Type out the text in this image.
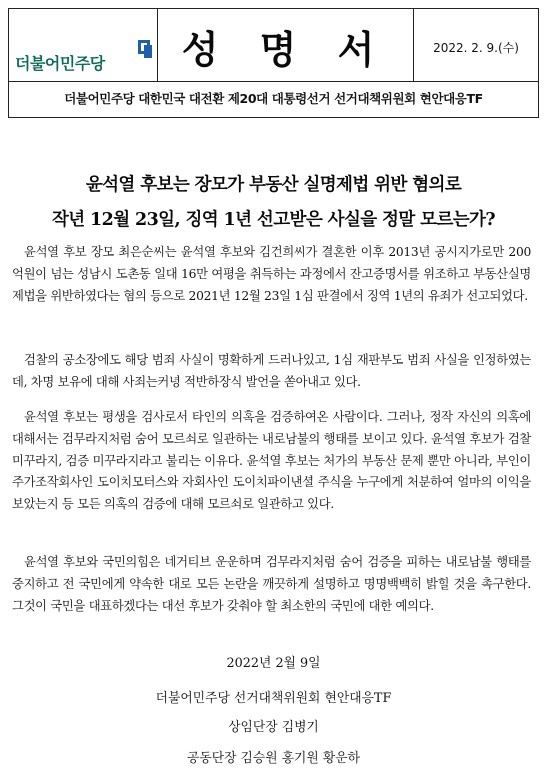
더불어민주당	성 명 서	2022. 2. 9.(수)
더불어민주당 대한민국 대전환 제20대 대통령선거 선거대책위원회 현안대응TF
윤석열 후보는 장모가 부동산 실명제법 위반 혐의로
작년 12월 23일, 징역 1년 선고받은 사실을 정말 모르는가?

윤석열 후보 장모 최은순씨는 윤석열 후보와 김건희씨가 결혼한 이후 2013년 공시지가로만 200억원이 넘는 성남시 도촌동 일대 16만 여평을 취득하는 과정에서 잔고증명서를 위조하고 부동산실명제법을 위반하였다는 혐의 등으로 2021년 12월 23일 1심 판결에서 징역 1년의 유죄가 선고되었다.

검찰의 공소장에도 해당 범죄 사실이 명확하게 드러나있고, 1심 재판부도 범죄 사실을 인정하였는데, 차명 보유에 대해 사죄는커녕 적반하장식 발언을 쏟아내고 있다.

윤석열 후보는 평생을 검사로서 타인의 의혹을 검증하여온 사람이다. 그러나, 정작 자신의 의혹에 대해서는 검무라지처럼 숨어 모르쇠로 일관하는 내로남불의 행태를 보이고 있다. 윤석열 후보가 검찰 미꾸라지, 검증 미꾸라지라고 불리는 이유다. 윤석열 후보는 처가의 부동산 문제 뿐만 아니라, 부인이 주가조작회사인 도이치모터스와 자회사인 도이치파이낸셜 주식을 누구에게 처분하여 얼마의 이익을 보았는지 등 모든 의혹의 검증에 대해 모르쇠로 일관하고 있다.

윤석열 후보와 국민의힘은 네거티브 운운하며 검무라지처럼 숨어 검증을 피하는 내로남불 행태를 중지하고 전 국민에게 약속한 대로 모든 논란을 깨끗하게 설명하고 명명백백히 밝힐 것을 촉구한다. 그것이 국민을 대표하겠다는 대선 후보가 갖춰야 할 최소한의 국민에 대한 예의다.

2022년 2월 9일
더불어민주당 선거대책위원회 현안대응TF
상임단장 김병기
공동단장 김승원 홍기원 황운하
